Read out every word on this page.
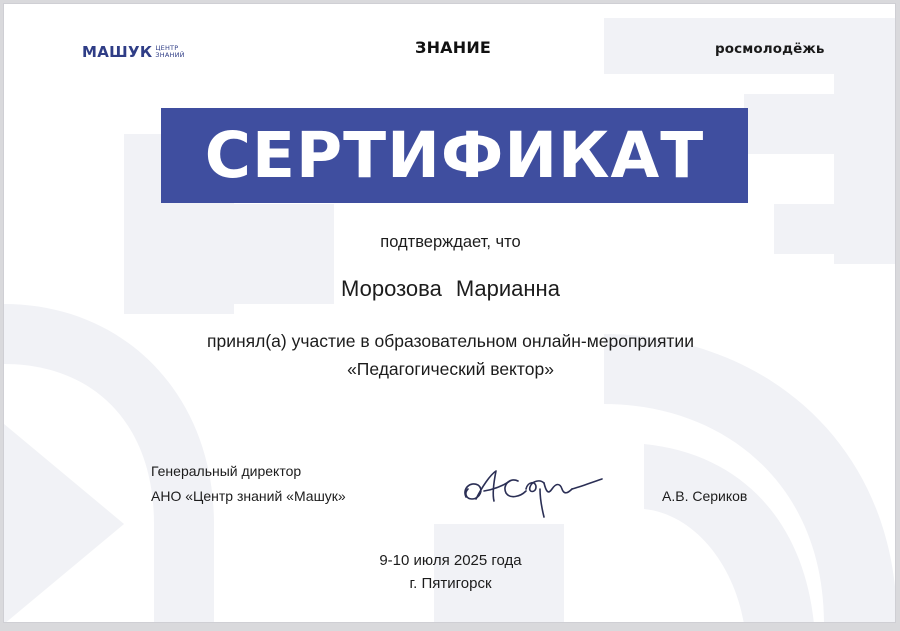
МАШУК ЦЕНТР
ЗНАНИЙ	ЗНАНИЕ	росмолодёжь
СЕРТИФИКАТ
подтверждает, что
Морозова Марианна
принял(а) участие в образовательном онлайн-мероприятии
«Педагогический вектор»
Генеральный директор
АНО «Центр знаний «Машук»	А.В. Сериков
9-10 июля 2025 года
г. Пятигорск
